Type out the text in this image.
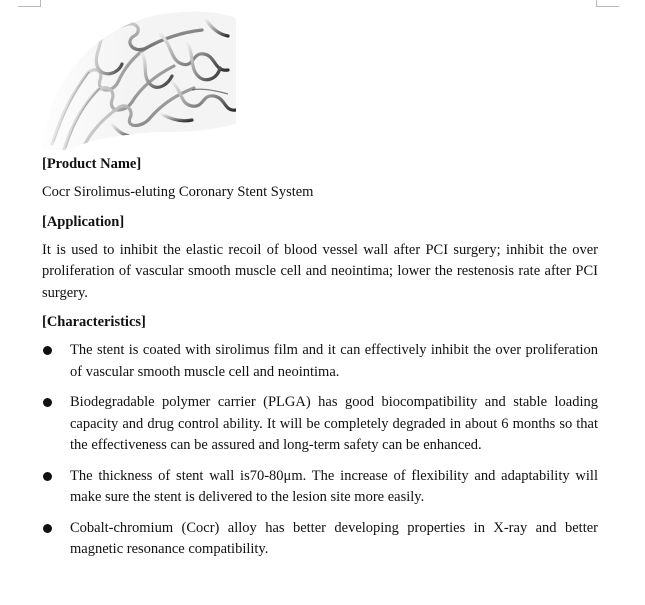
[Product Name]

Cocr Sirolimus-eluting Coronary Stent System

[Application]

It is used to inhibit the elastic recoil of blood vessel wall after PCI surgery; inhibit the over proliferation of vascular smooth muscle cell and neointima; lower the restenosis rate after PCI surgery.

[Characteristics]
The stent is coated with sirolimus film and it can effectively inhibit the over proliferation of vascular smooth muscle cell and neointima.
Biodegradable polymer carrier (PLGA) has good biocompatibility and stable loading capacity and drug control ability. It will be completely degraded in about 6 months so that the effectiveness can be assured and long-term safety can be enhanced.
The thickness of stent wall is70-80μm. The increase of flexibility and adaptability will make sure the stent is delivered to the lesion site more easily.
Cobalt-chromium (Cocr) alloy has better developing properties in X-ray and better magnetic resonance compatibility.
